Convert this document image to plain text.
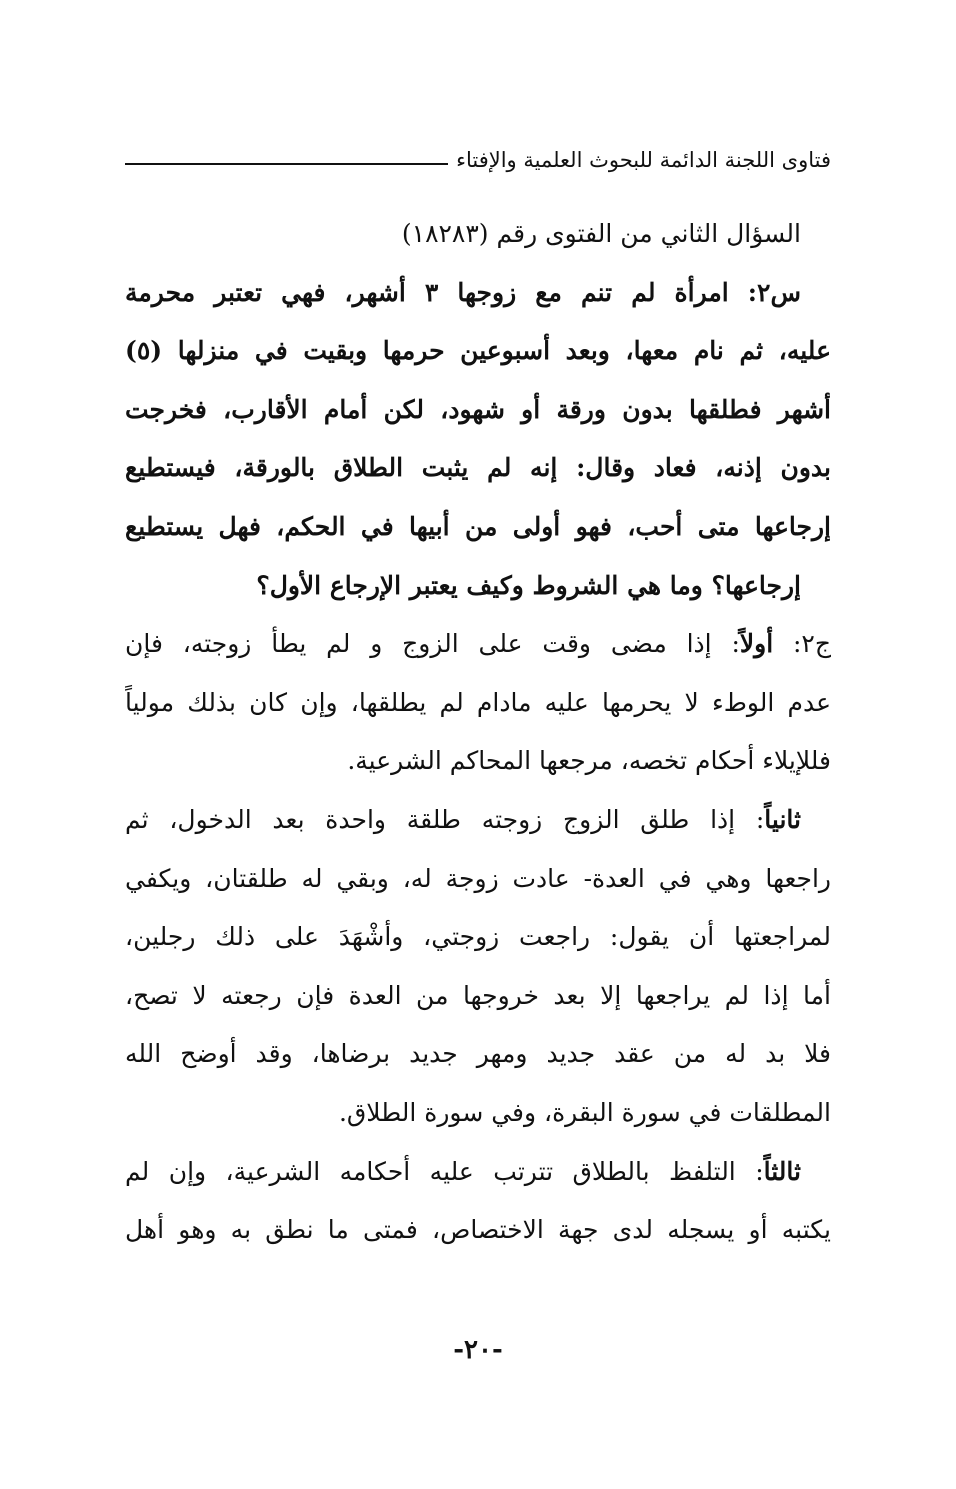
فتاوى اللجنة الدائمة للبحوث العلمية والإفتاء
السؤال الثاني من الفتوى رقم (١٨٢٨٣)
س٢: امرأة لم تنم مع زوجها ٣ أشهر، فهي تعتبر محرمة
عليه، ثم نام معها، وبعد أسبوعين حرمها وبقيت في منزلها (٥)
أشهر فطلقها بدون ورقة أو شهود، لكن أمام الأقارب، فخرجت
بدون إذنه، فعاد وقال: إنه لم يثبت الطلاق بالورقة، فيستطيع
إرجاعها متى أحب، فهو أولى من أبيها في الحكم، فهل يستطيع
إرجاعها؟ وما هي الشروط وكيف يعتبر الإرجاع الأول؟
ج٢: أولاً: إذا مضى وقت على الزوج و لم يطأ زوجته، فإن
عدم الوطء لا يحرمها عليه مادام لم يطلقها، وإن كان بذلك مولياً
فللإيلاء أحكام تخصه، مرجعها المحاكم الشرعية.
ثانياً: إذا طلق الزوج زوجته طلقة واحدة بعد الدخول، ثم
راجعها وهي في العدة- عادت زوجة له، وبقي له طلقتان، ويكفي
لمراجعتها أن يقول: راجعت زوجتي، وأشْهَدَ على ذلك رجلين،
أما إذا لم يراجعها إلا بعد خروجها من العدة فإن رجعته لا تصح،
فلا بد له من عقد جديد ومهر جديد برضاها، وقد أوضح الله
المطلقات في سورة البقرة، وفي سورة الطلاق.
ثالثاً: التلفظ بالطلاق تترتب عليه أحكامه الشرعية، وإن لم
يكتبه أو يسجله لدى جهة الاختصاص، فمتى ما نطق به وهو أهل
-٢٠-
